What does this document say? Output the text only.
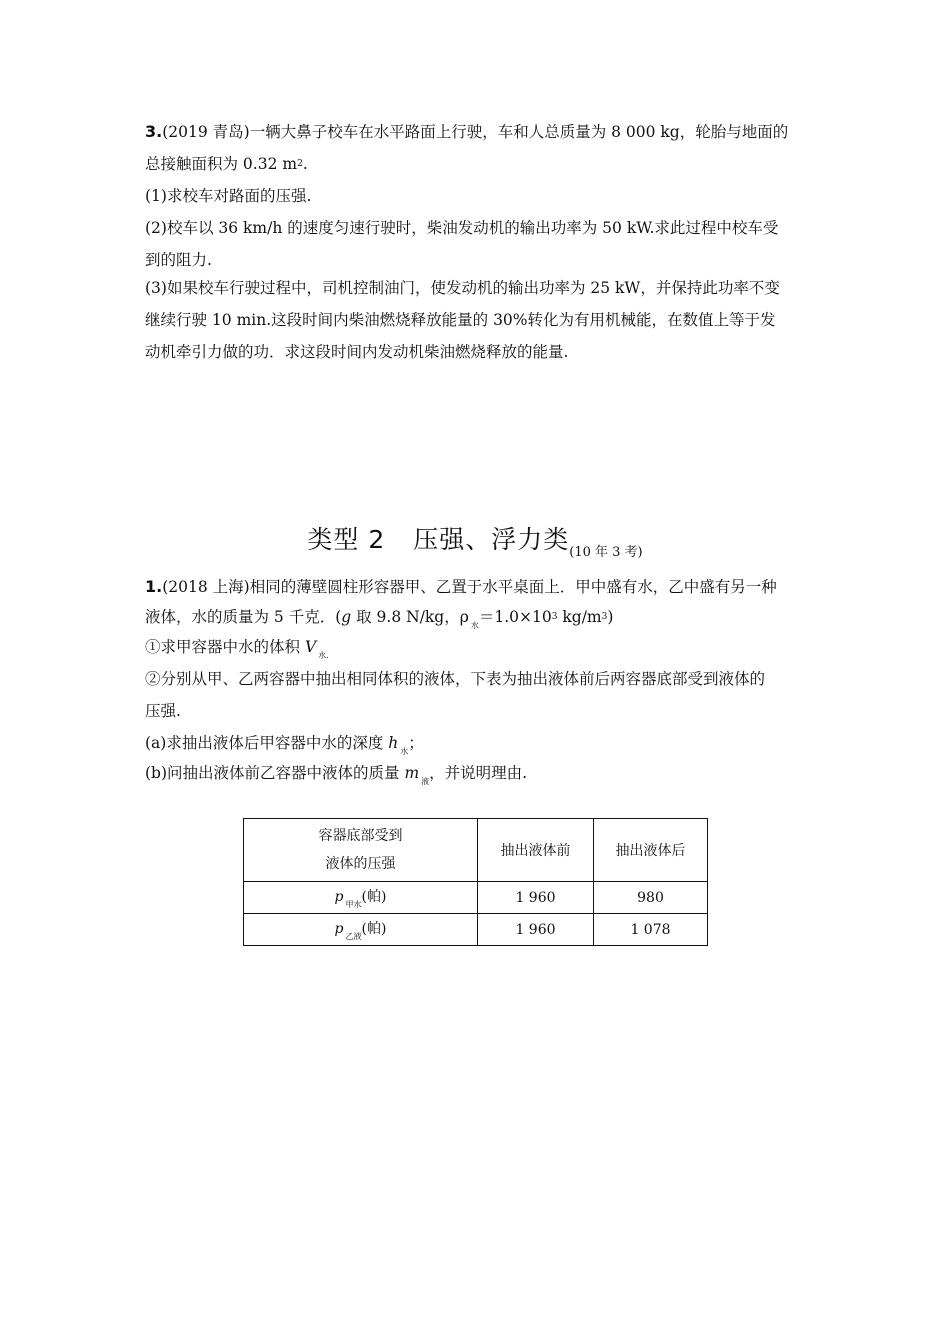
3.(2019 青岛)一辆大鼻子校车在水平路面上行驶，车和人总质量为 8 000 kg，轮胎与地面的
总接触面积为 0.32 $m^2$.
(1)求校车对路面的压强.
(2)校车以 36 km/h 的速度匀速行驶时，柴油发动机的输出功率为 50 kW.求此过程中校车受
到的阻力.
(3)如果校车行驶过程中，司机控制油门，使发动机的输出功率为 25 kW，并保持此功率不变
继续行驶 10 min.这段时间内柴油燃烧释放能量的 30%转化为有用机械能，在数值上等于发
动机牵引力做的功．求这段时间内发动机柴油燃烧释放的能量.
类型 2 压强、浮力类$_{(10 年 3 考)}$
1.(2018 上海)相同的薄壁圆柱形容器甲、乙置于水平桌面上．甲中盛有水，乙中盛有另一种
液体，水的质量为 5 千克．(g 取 9.8 N/kg，ρ $_水=1.0\times 10^3$ $kg/m^3$)
①求甲容器中水的体积 V $_{水.}$
②分别从甲、乙两容器中抽出相同体积的液体，下表为抽出液体前后两容器底部受到液体的
压强.
(a)求抽出液体后甲容器中水的深度 h $_水$；
(b)问抽出液体前乙容器中液体的质量 m $_液$，并说明理由.
容器底部受到
液体的压强	抽出液体前	抽出液体后
p $_{甲水}$(帕)	1 960	980
p $_{乙液}$(帕)	1 960	1 078
